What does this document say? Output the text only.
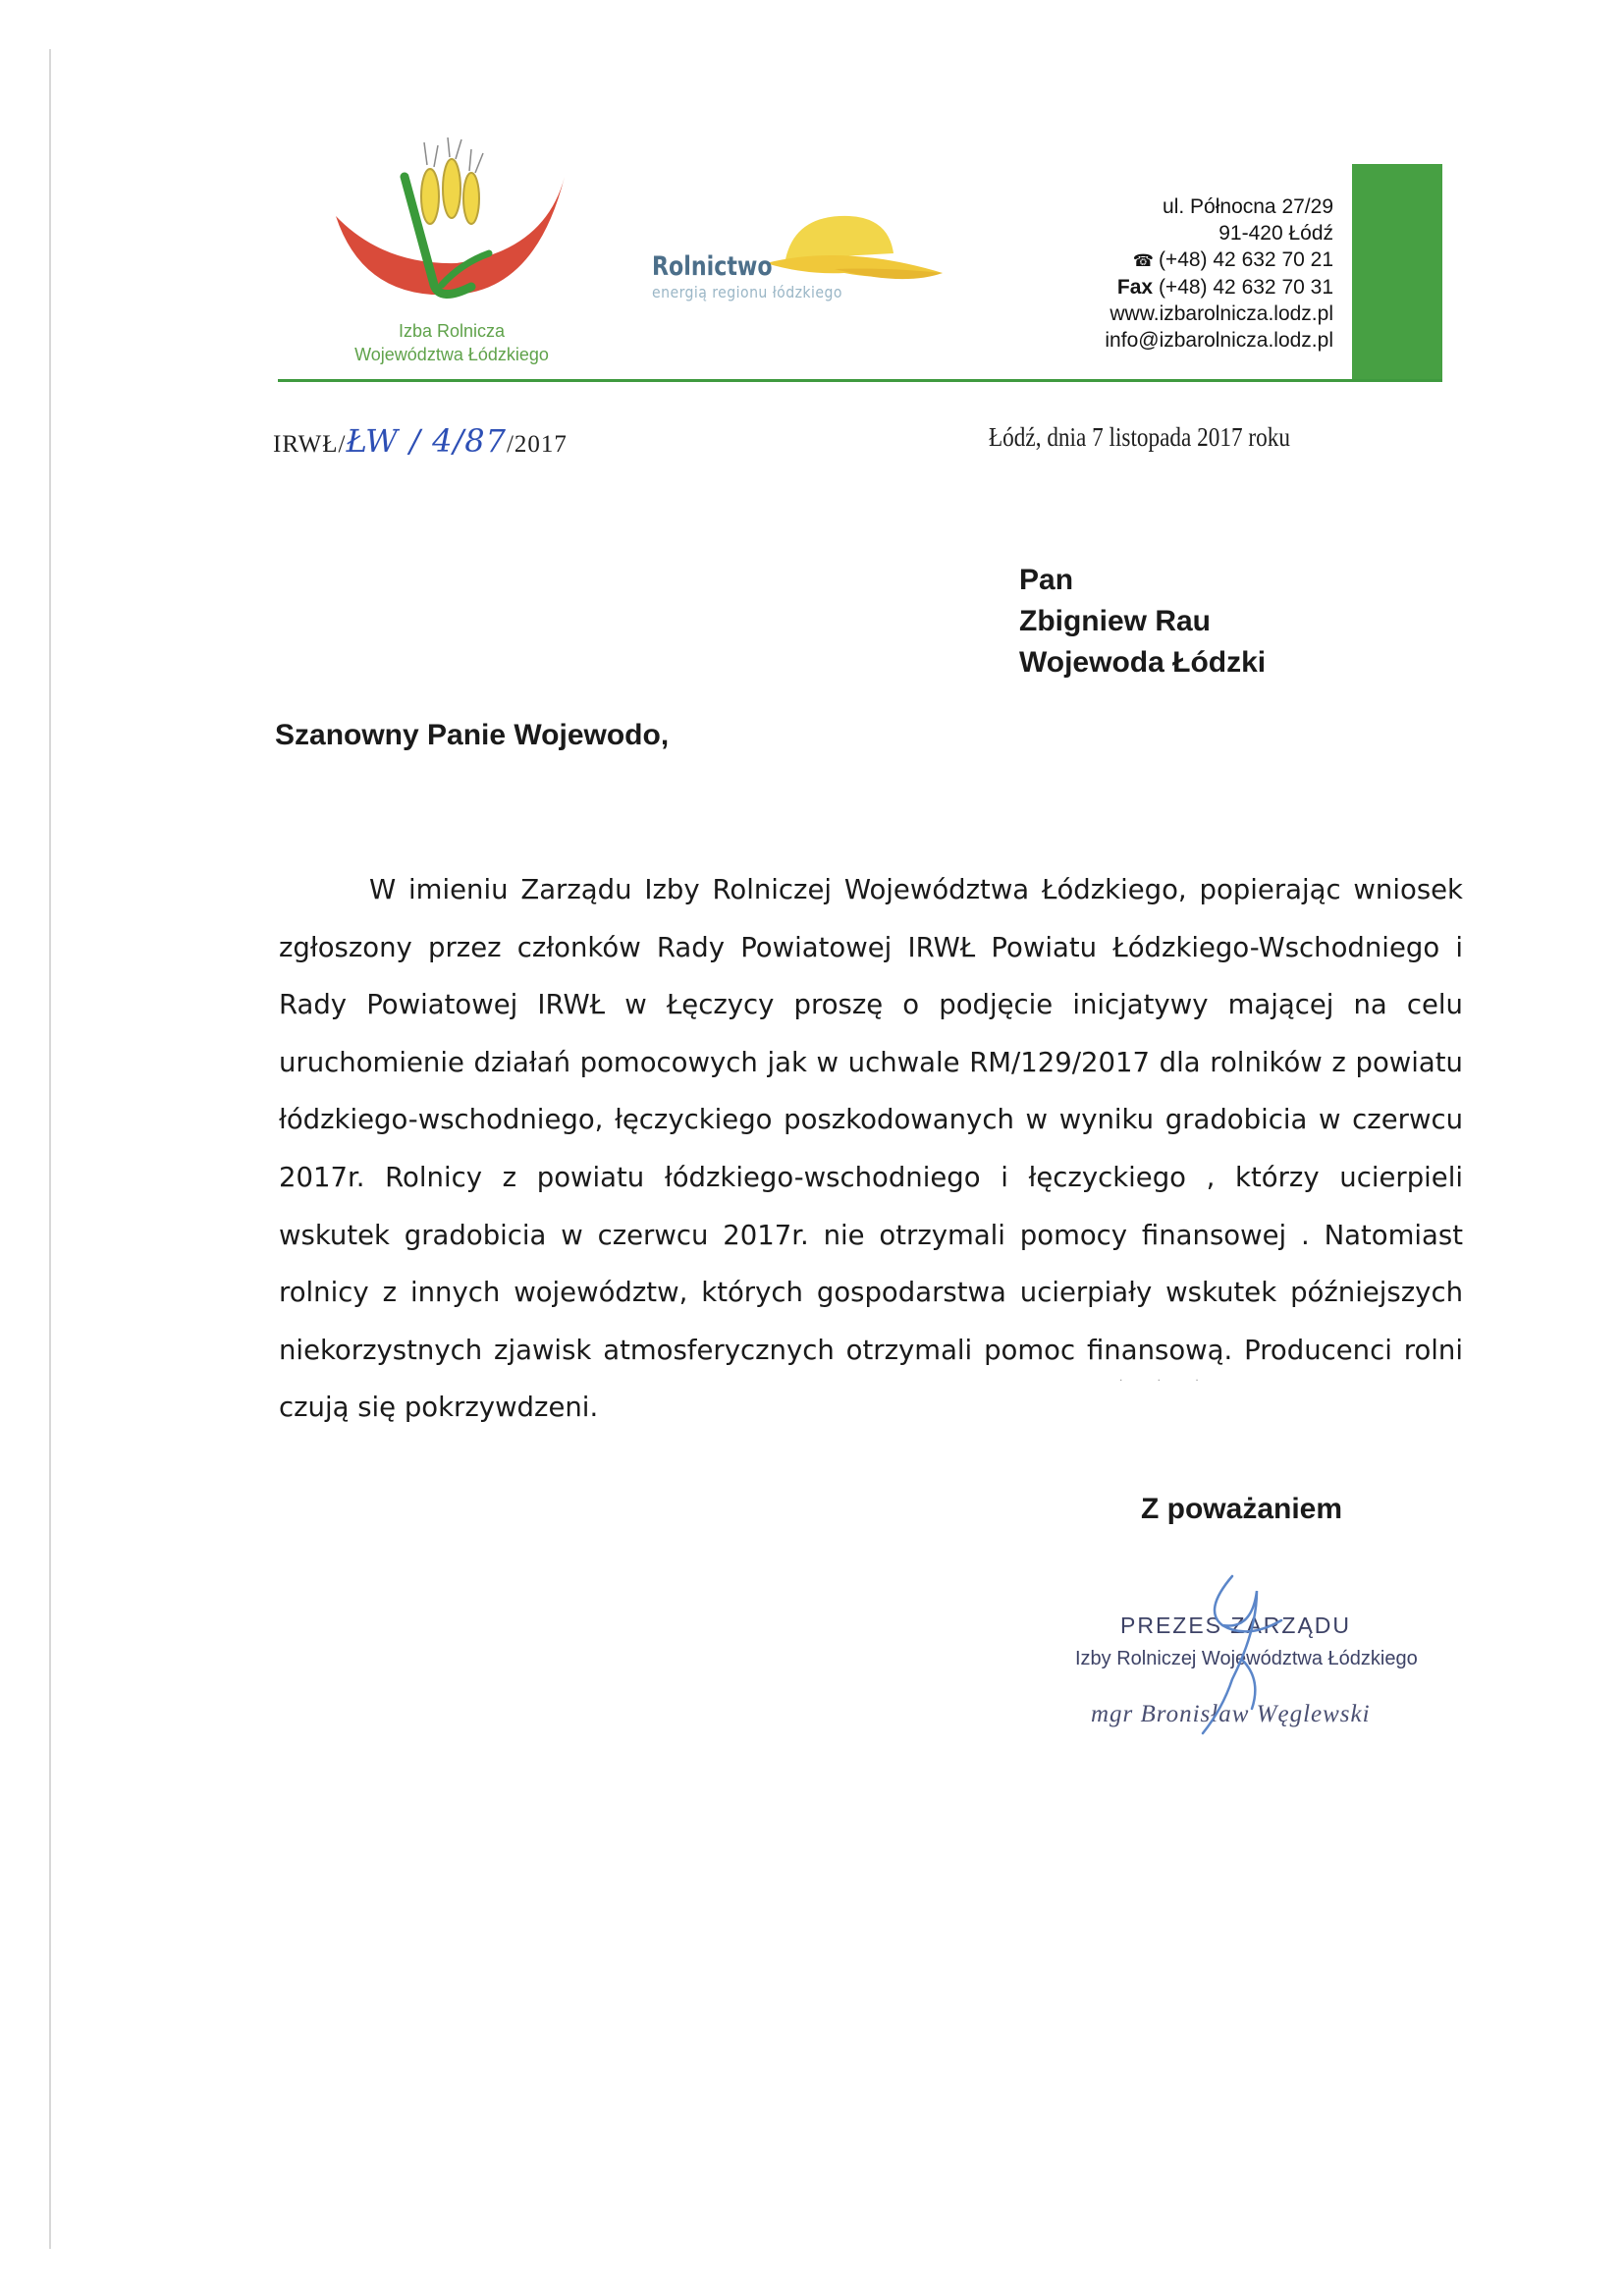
Izba Rolnicza
Województwa Łódzkiego
Rolnictwo
energią regionu łódzkiego
ul. Północna 27/29
91-420 Łódź
☎ (+48) 42 632 70 21
Fax (+48) 42 632 70 31
www.izbarolnicza.lodz.pl
info@izbarolnicza.lodz.pl
IRWŁ/ŁW / 4/87/2017	Łódź, dnia 7 listopada 2017 roku
Pan
Zbigniew Rau
Wojewoda Łódzki
Szanowny Panie Wojewodo,

W imieniu Zarządu Izby Rolniczej Województwa Łódzkiego, popierając wniosek zgłoszony przez członków Rady Powiatowej IRWŁ Powiatu Łódzkiego-Wschodniego i Rady Powiatowej IRWŁ w Łęczycy proszę o podjęcie inicjatywy mającej na celu uruchomienie działań pomocowych jak w uchwale RM/129/2017 dla rolników z powiatu łódzkiego-wschodniego, łęczyckiego poszkodowanych w wyniku gradobicia w czerwcu 2017r. Rolnicy z powiatu łódzkiego-wschodniego i łęczyckiego , którzy ucierpieli wskutek gradobicia w czerwcu 2017r. nie otrzymali pomocy finansowej . Natomiast rolnicy z innych województw, których gospodarstwa ucierpiały wskutek późniejszych niekorzystnych zjawisk atmosferycznych otrzymali pomoc finansową. Producenci rolni czują się pokrzywdzeni.

. . .
Z poważaniem
PREZES ZARZĄDU
Izby Rolniczej Województwa Łódzkiego
mgr Bronisław Węglewski
